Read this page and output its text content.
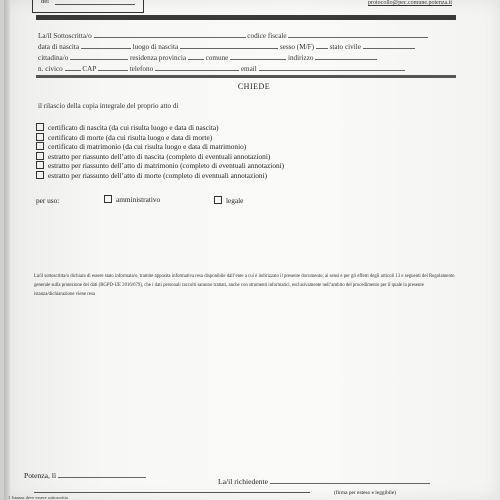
del	protocollo@pec.comune.potenza.it
La/il Sottoscritta/o	codice fiscale
data di nascita	luogo di nascita	sesso (M/F) stato civile
cittadina/o	residenza provincia	comune	indirizzo
n. civico	CAP	telefono	email
CHIEDE
il rilascio della copia integrale del proprio atto di
certificato di nascita (da cui risulta luogo e data di nascita)
certificato di morte (da cui risulta luogo e data di morte)
certificato di matrimonio (da cui risulta luogo e data di matrimonio)
estratto per riassunto dell’atto di nascita (completo di eventuali annotazioni)
estratto per riassunto dell’atto di matrimonio (completo di eventuali annotazioni)
estratto per riassunto dell’atto di morte (completo di eventuali annotazioni)
per uso:	amministrativo	legale
La/il sottoscritta/o dichiara di essere stato informata/o, tramite apposita informativa resa disponibile dall’ente a cui è indirizzato il presente documento, ai sensi e per gli effetti degli articoli 13 e seguenti del Regolamento generale sulla protezione dei dati (RGPD-UE 2016/679), che i dati personali raccolti saranno trattati, anche con strumenti informatici, esclusivamente nell’ambito del procedimento per il quale la presente istanza/dichiarazione viene resa
Potenza, lì
La/il richiedente
(firma per esteso e leggibile)
1 Istanza deve essere sottoscritta
